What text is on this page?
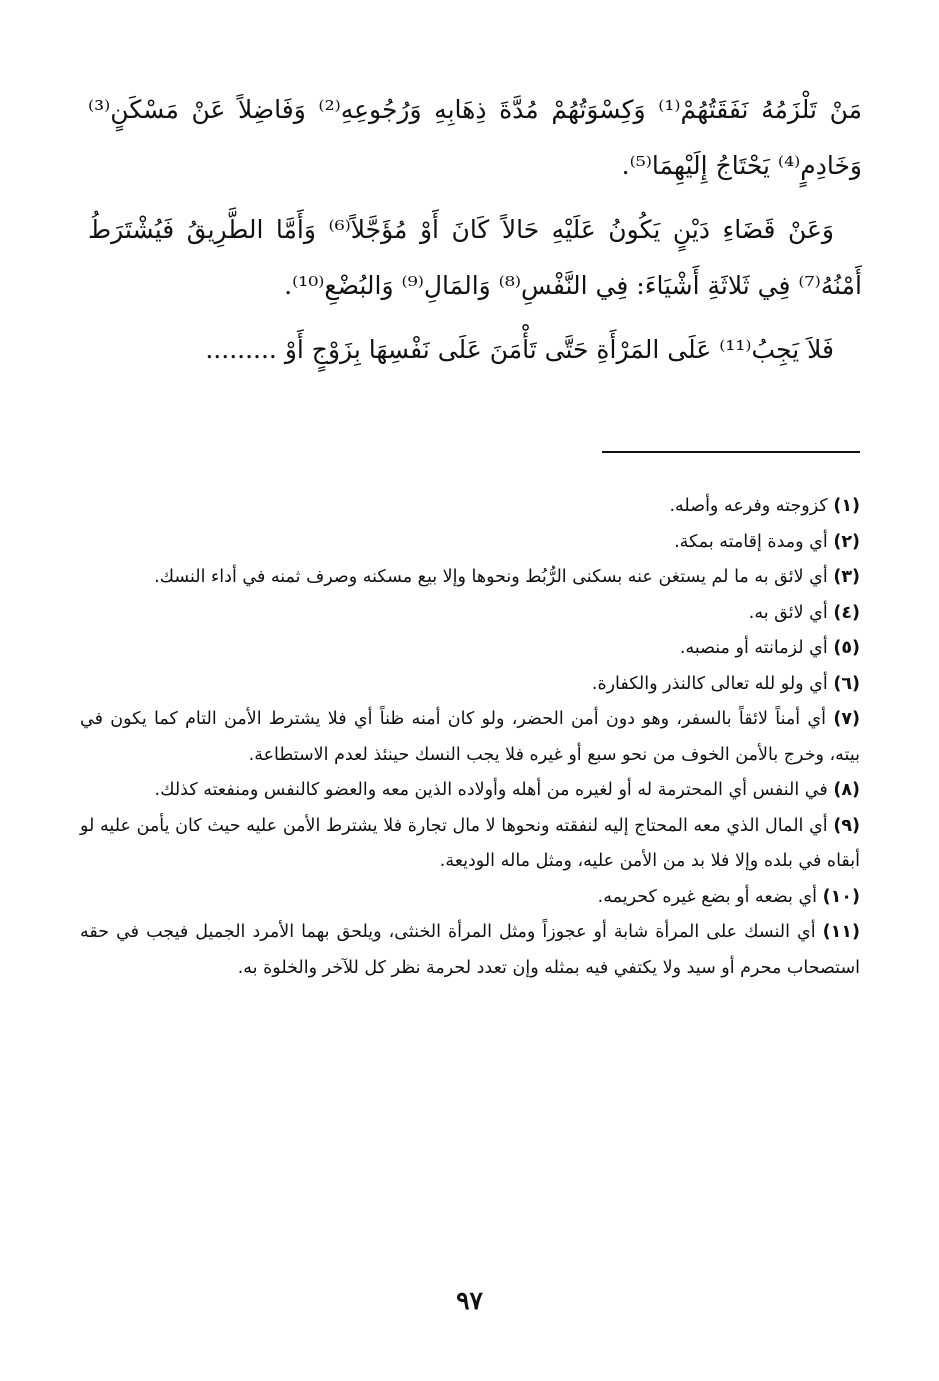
مَنْ تَلْزَمُهُ نَفَقَتُهُمْ⁽¹⁾ وَكِسْوَتُهُمْ مُدَّةَ ذِهَابِهِ وَرُجُوعِهِ⁽²⁾ وَفَاضِلاً عَنْ مَسْكَنٍ⁽³⁾ وَخَادِمٍ⁽⁴⁾ يَحْتَاجُ إِلَيْهِمَا⁽⁵⁾.

وَعَنْ قَضَاءِ دَيْنٍ يَكُونُ عَلَيْهِ حَالاً كَانَ أَوْ مُؤَجَّلاً⁽⁶⁾ وَأَمَّا الطَّرِيقُ فَيُشْتَرَطُ أَمْنُهُ⁽⁷⁾ فِي ثَلاثَةِ أَشْيَاءَ: فِي النَّفْسِ⁽⁸⁾ وَالمَالِ⁽⁹⁾ وَالبُضْعِ⁽¹⁰⁾.

فَلاَ يَجِبُ⁽¹¹⁾ عَلَى المَرْأَةِ حَتَّى تَأْمَنَ عَلَى نَفْسِهَا بِزَوْجٍ أَوْ .........

(١) كزوجته وفرعه وأصله.

(٢) أي ومدة إقامته بمكة.

(٣) أي لائق به ما لم يستغن عنه بسكنى الرُّبُط ونحوها وإلا بيع مسكنه وصرف ثمنه في أداء النسك.

(٤) أي لائق به.

(٥) أي لزمانته أو منصبه.

(٦) أي ولو لله تعالى كالنذر والكفارة.

(٧) أي أمناً لائقاً بالسفر، وهو دون أمن الحضر، ولو كان أمنه ظناً أي فلا يشترط الأمن التام كما يكون في بيته، وخرج بالأمن الخوف من نحو سبع أو غيره فلا يجب النسك حينئذ لعدم الاستطاعة.

(٨) في النفس أي المحترمة له أو لغيره من أهله وأولاده الذين معه والعضو كالنفس ومنفعته كذلك.

(٩) أي المال الذي معه المحتاج إليه لنفقته ونحوها لا مال تجارة فلا يشترط الأمن عليه حيث كان يأمن عليه لو أبقاه في بلده وإلا فلا بد من الأمن عليه، ومثل ماله الوديعة.

(١٠) أي بضعه أو بضع غيره كحريمه.

(١١) أي النسك على المرأة شابة أو عجوزاً ومثل المرأة الخنثى، ويلحق بهما الأمرد الجميل فيجب في حقه استصحاب محرم أو سيد ولا يكتفي فيه بمثله وإن تعدد لحرمة نظر كل للآخر والخلوة به.

٩٧
